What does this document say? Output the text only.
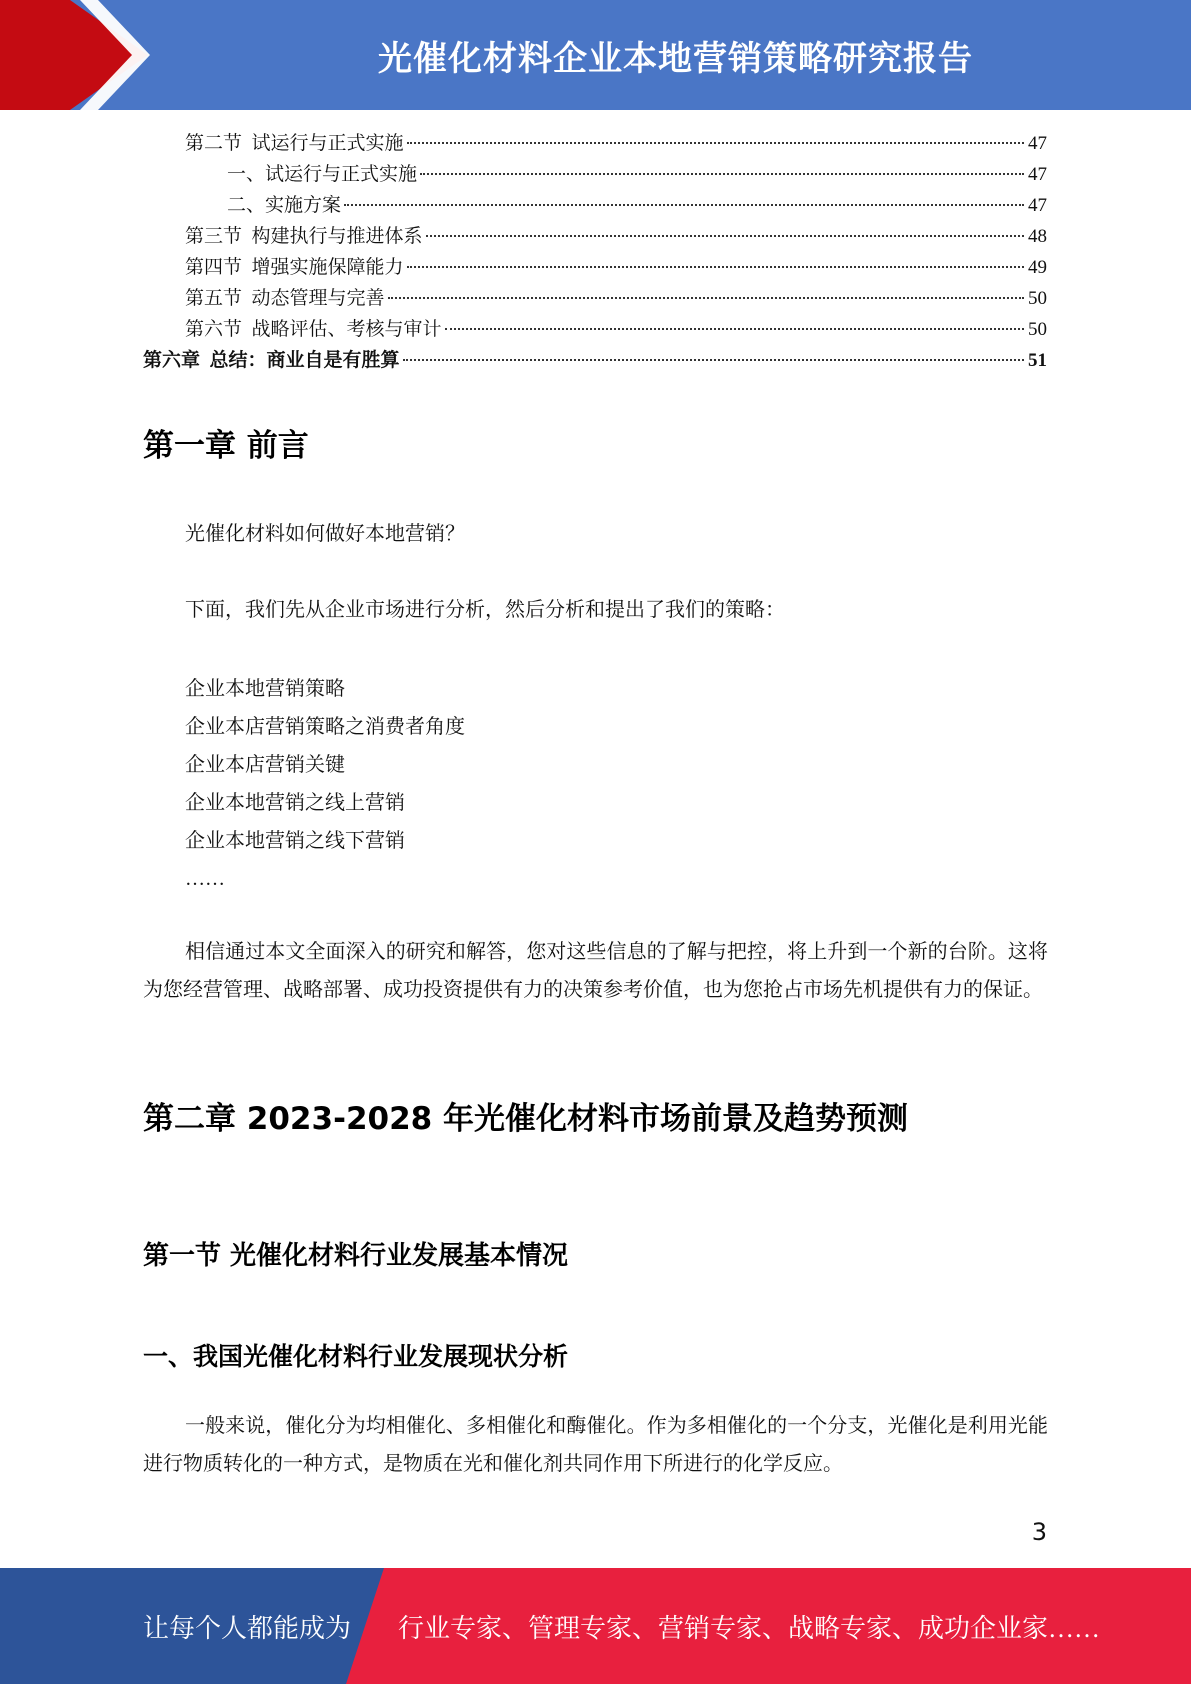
光催化材料企业本地营销策略研究报告
第二节  试运行与正式实施	47
一、试运行与正式实施	47
二、实施方案	47
第三节  构建执行与推进体系	48
第四节  增强实施保障能力	49
第五节  动态管理与完善	50
第六节  战略评估、考核与审计	50
第六章  总结：商业自是有胜算	51
第一章 前言

光催化材料如何做好本地营销？

下面，我们先从企业市场进行分析，然后分析和提出了我们的策略：

企业本地营销策略
企业本店营销策略之消费者角度
企业本店营销关键
企业本地营销之线上营销
企业本地营销之线下营销
……

相信通过本文全面深入的研究和解答，您对这些信息的了解与把控，将上升到一个新的台阶。这将为您经营管理、战略部署、成功投资提供有力的决策参考价值，也为您抢占市场先机提供有力的保证。

第二章 2023-2028 年光催化材料市场前景及趋势预测
第一节 光催化材料行业发展基本情况
一、我国光催化材料行业发展现状分析

一般来说，催化分为均相催化、多相催化和酶催化。作为多相催化的一个分支，光催化是利用光能进行物质转化的一种方式，是物质在光和催化剂共同作用下所进行的化学反应。

3
让每个人都能成为 行业专家、管理专家、营销专家、战略专家、成功企业家……
